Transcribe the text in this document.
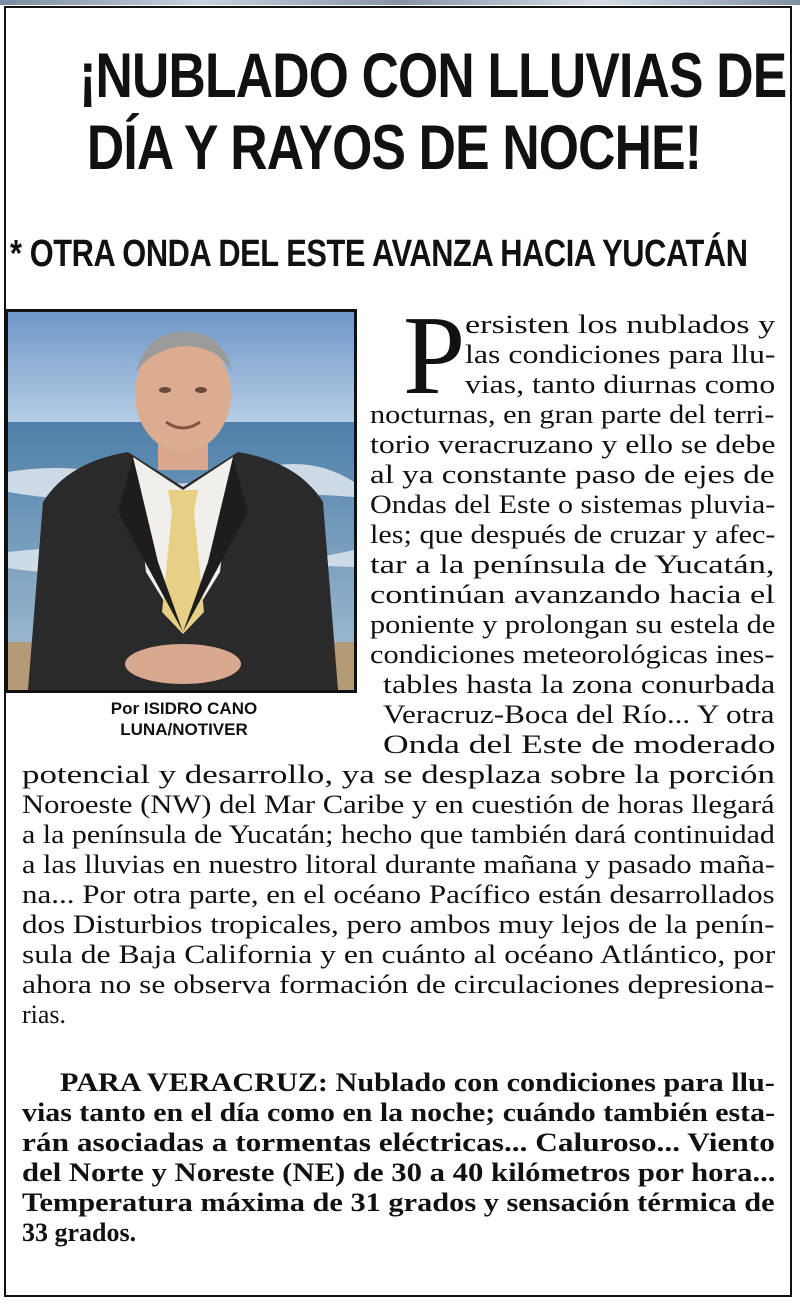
¡NUBLADO CON LLUVIAS DE
DÍA Y RAYOS DE NOCHE!
* OTRA ONDA DEL ESTE AVANZA HACIA YUCATÁN
Por ISIDRO CANO
LUNA/NOTIVER
P ersisten los nublados y
las condiciones para llu-
vias, tanto diurnas como
nocturnas, en gran parte del terri-
torio veracruzano y ello se debe
al ya constante paso de ejes de
Ondas del Este o sistemas pluvia-
les; que después de cruzar y afec-
tar a la península de Yucatán,
continúan avanzando hacia el
poniente y prolongan su estela de
condiciones meteorológicas ines-
tables hasta la zona conurbada
Veracruz-Boca del Río... Y otra
Onda del Este de moderado
potencial y desarrollo, ya se desplaza sobre la porción
Noroeste (NW) del Mar Caribe y en cuestión de horas llegará
a la península de Yucatán; hecho que también dará continuidad
a las lluvias en nuestro litoral durante mañana y pasado maña-
na... Por otra parte, en el océano Pacífico están desarrollados
dos Disturbios tropicales, pero ambos muy lejos de la penín-
sula de Baja California y en cuánto al océano Atlántico, por
ahora no se observa formación de circulaciones depresiona-
rias.
PARA VERACRUZ: Nublado con condiciones para llu-
vias tanto en el día como en la noche; cuándo también esta-
rán asociadas a tormentas eléctricas... Caluroso... Viento
del Norte y Noreste (NE) de 30 a 40 kilómetros por hora...
Temperatura máxima de 31 grados y sensación térmica de
33 grados.
